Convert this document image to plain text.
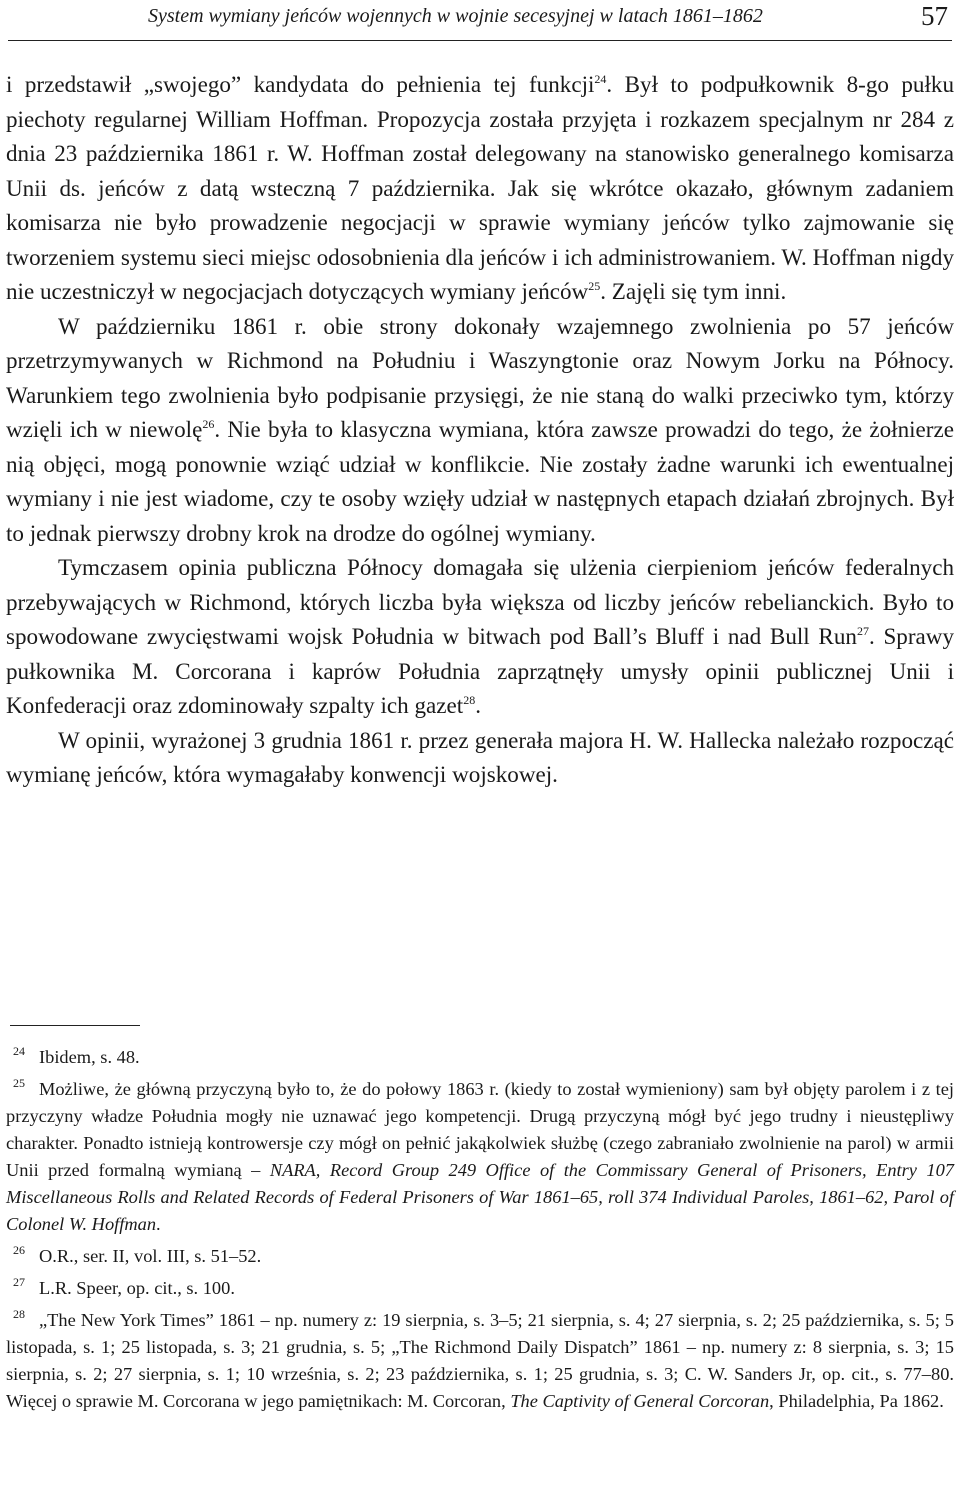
System wymiany jeńców wojennych w wojnie secesyjnej w latach 1861–1862	57

i przedstawił „swojego” kandydata do pełnienia tej funkcji$^{24}$. Był to podpułkownik 8-go pułku piechoty regularnej William Hoffman. Propozycja została przyjęta i rozkazem specjalnym nr 284 z dnia 23 października 1861 r. W. Hoffman został delegowany na stanowisko generalnego komisarza Unii ds. jeńców z datą wsteczną 7 października. Jak się wkrótce okazało, głównym zadaniem komisarza nie było prowadzenie negocjacji w sprawie wymiany jeńców tylko zajmowanie się tworzeniem systemu sieci miejsc odosobnienia dla jeńców i ich administrowaniem. W. Hoffman nigdy nie uczestniczył w negocjacjach dotyczących wymiany jeńców$^{25}$. Zajęli się tym inni.

W październiku 1861 r. obie strony dokonały wzajemnego zwolnienia po 57 jeńców przetrzymywanych w Richmond na Południu i Waszyngtonie oraz Nowym Jorku na Północy. Warunkiem tego zwolnienia było podpisanie przysięgi, że nie staną do walki przeciwko tym, którzy wzięli ich w niewolę$^{26}$. Nie była to klasyczna wymiana, która zawsze prowadzi do tego, że żołnierze nią objęci, mogą ponownie wziąć udział w konflikcie. Nie zostały żadne warunki ich ewentualnej wymiany i nie jest wiadome, czy te osoby wzięły udział w następnych etapach działań zbrojnych. Był to jednak pierwszy drobny krok na drodze do ogólnej wymiany.

Tymczasem opinia publiczna Północy domagała się ulżenia cierpieniom jeńców federalnych przebywających w Richmond, których liczba była większa od liczby jeńców rebelianckich. Było to spowodowane zwycięstwami wojsk Południa w bitwach pod Ball’s Bluff i nad Bull Run$^{27}$. Sprawy pułkownika M. Corcorana i kaprów Południa zaprzątnęły umysły opinii publicznej Unii i Konfederacji oraz zdominowały szpalty ich gazet$^{28}$.

W opinii, wyrażonej 3 grudnia 1861 r. przez generała majora H. W. Hallecka należało rozpocząć wymianę jeńców, która wymagałaby konwencji wojskowej.

$^{24}$ Ibidem, s. 48.

$^{25}$ Możliwe, że główną przyczyną było to, że do połowy 1863 r. (kiedy to został wymieniony) sam był objęty parolem i z tej przyczyny władze Południa mogły nie uznawać jego kompetencji. Drugą przyczyną mógł być jego trudny i nieustępliwy charakter. Ponadto istnieją kontrowersje czy mógł on pełnić jakąkolwiek służbę (czego zabraniało zwolnienie na parol) w armii Unii przed formalną wymianą – NARA, Record Group 249 Office of the Commissary General of Prisoners, Entry 107 Miscellaneous Rolls and Related Records of Federal Prisoners of War 1861–65, roll 374 Individual Paroles, 1861–62, Parol of Colonel W. Hoffman.

$^{26}$ O.R., ser. II, vol. III, s. 51–52.

$^{27}$ L.R. Speer, op. cit., s. 100.

$^{28}$ „The New York Times” 1861 – np. numery z: 19 sierpnia, s. 3–5; 21 sierpnia, s. 4; 27 sierpnia, s. 2; 25 października, s. 5; 5 listopada, s. 1; 25 listopada, s. 3; 21 grudnia, s. 5; „The Richmond Daily Dispatch” 1861 – np. numery z: 8 sierpnia, s. 3; 15 sierpnia, s. 2; 27 sierpnia, s. 1; 10 września, s. 2; 23 października, s. 1; 25 grudnia, s. 3; C. W. Sanders Jr, op. cit., s. 77–80. Więcej o sprawie M. Corcorana w jego pamiętnikach: M. Corcoran, The Captivity of General Corcoran, Philadelphia, Pa 1862.
